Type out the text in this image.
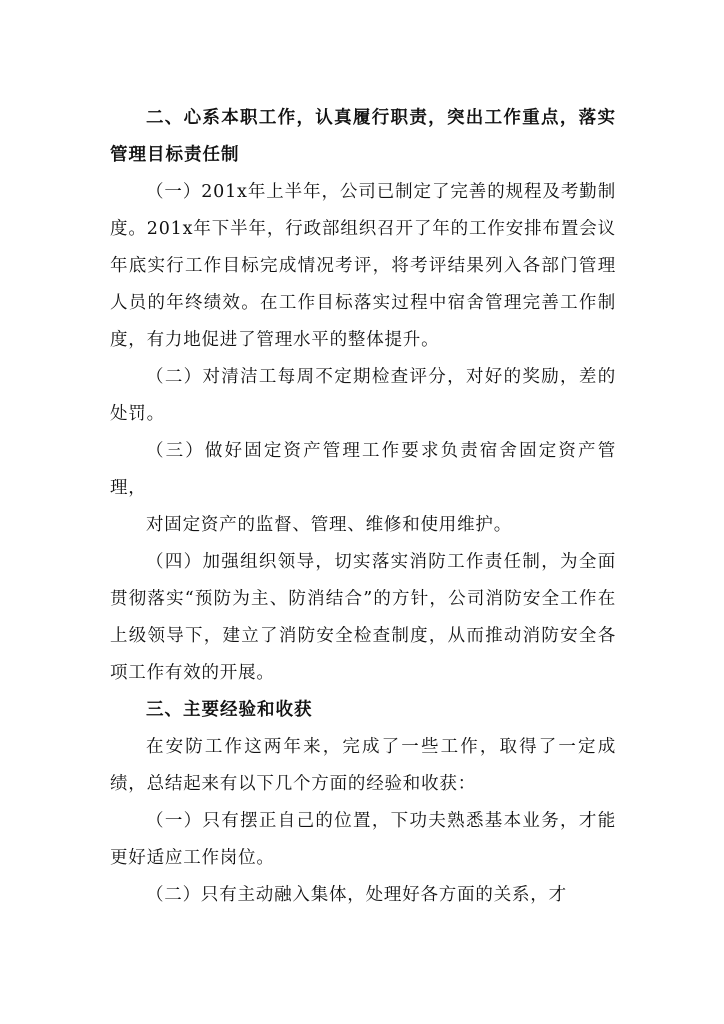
二、心系本职工作，认真履行职责，突出工作重点，落实管理目标责任制

（一）201x年上半年，公司已制定了完善的规程及考勤制度。201x年下半年，行政部组织召开了年的工作安排布置会议年底实行工作目标完成情况考评，将考评结果列入各部门管理人员的年终绩效。在工作目标落实过程中宿舍管理完善工作制度，有力地促进了管理水平的整体提升。

（二）对清洁工每周不定期检查评分，对好的奖励，差的处罚。

（三）做好固定资产管理工作要求负责宿舍固定资产管理，

对固定资产的监督、管理、维修和使用维护。

（四）加强组织领导，切实落实消防工作责任制，为全面贯彻落实“预防为主、防消结合”的方针，公司消防安全工作在上级领导下，建立了消防安全检查制度，从而推动消防安全各项工作有效的开展。

三、主要经验和收获

在安防工作这两年来，完成了一些工作，取得了一定成绩，总结起来有以下几个方面的经验和收获：

（一）只有摆正自己的位置，下功夫熟悉基本业务，才能更好适应工作岗位。

（二）只有主动融入集体，处理好各方面的关系，才
